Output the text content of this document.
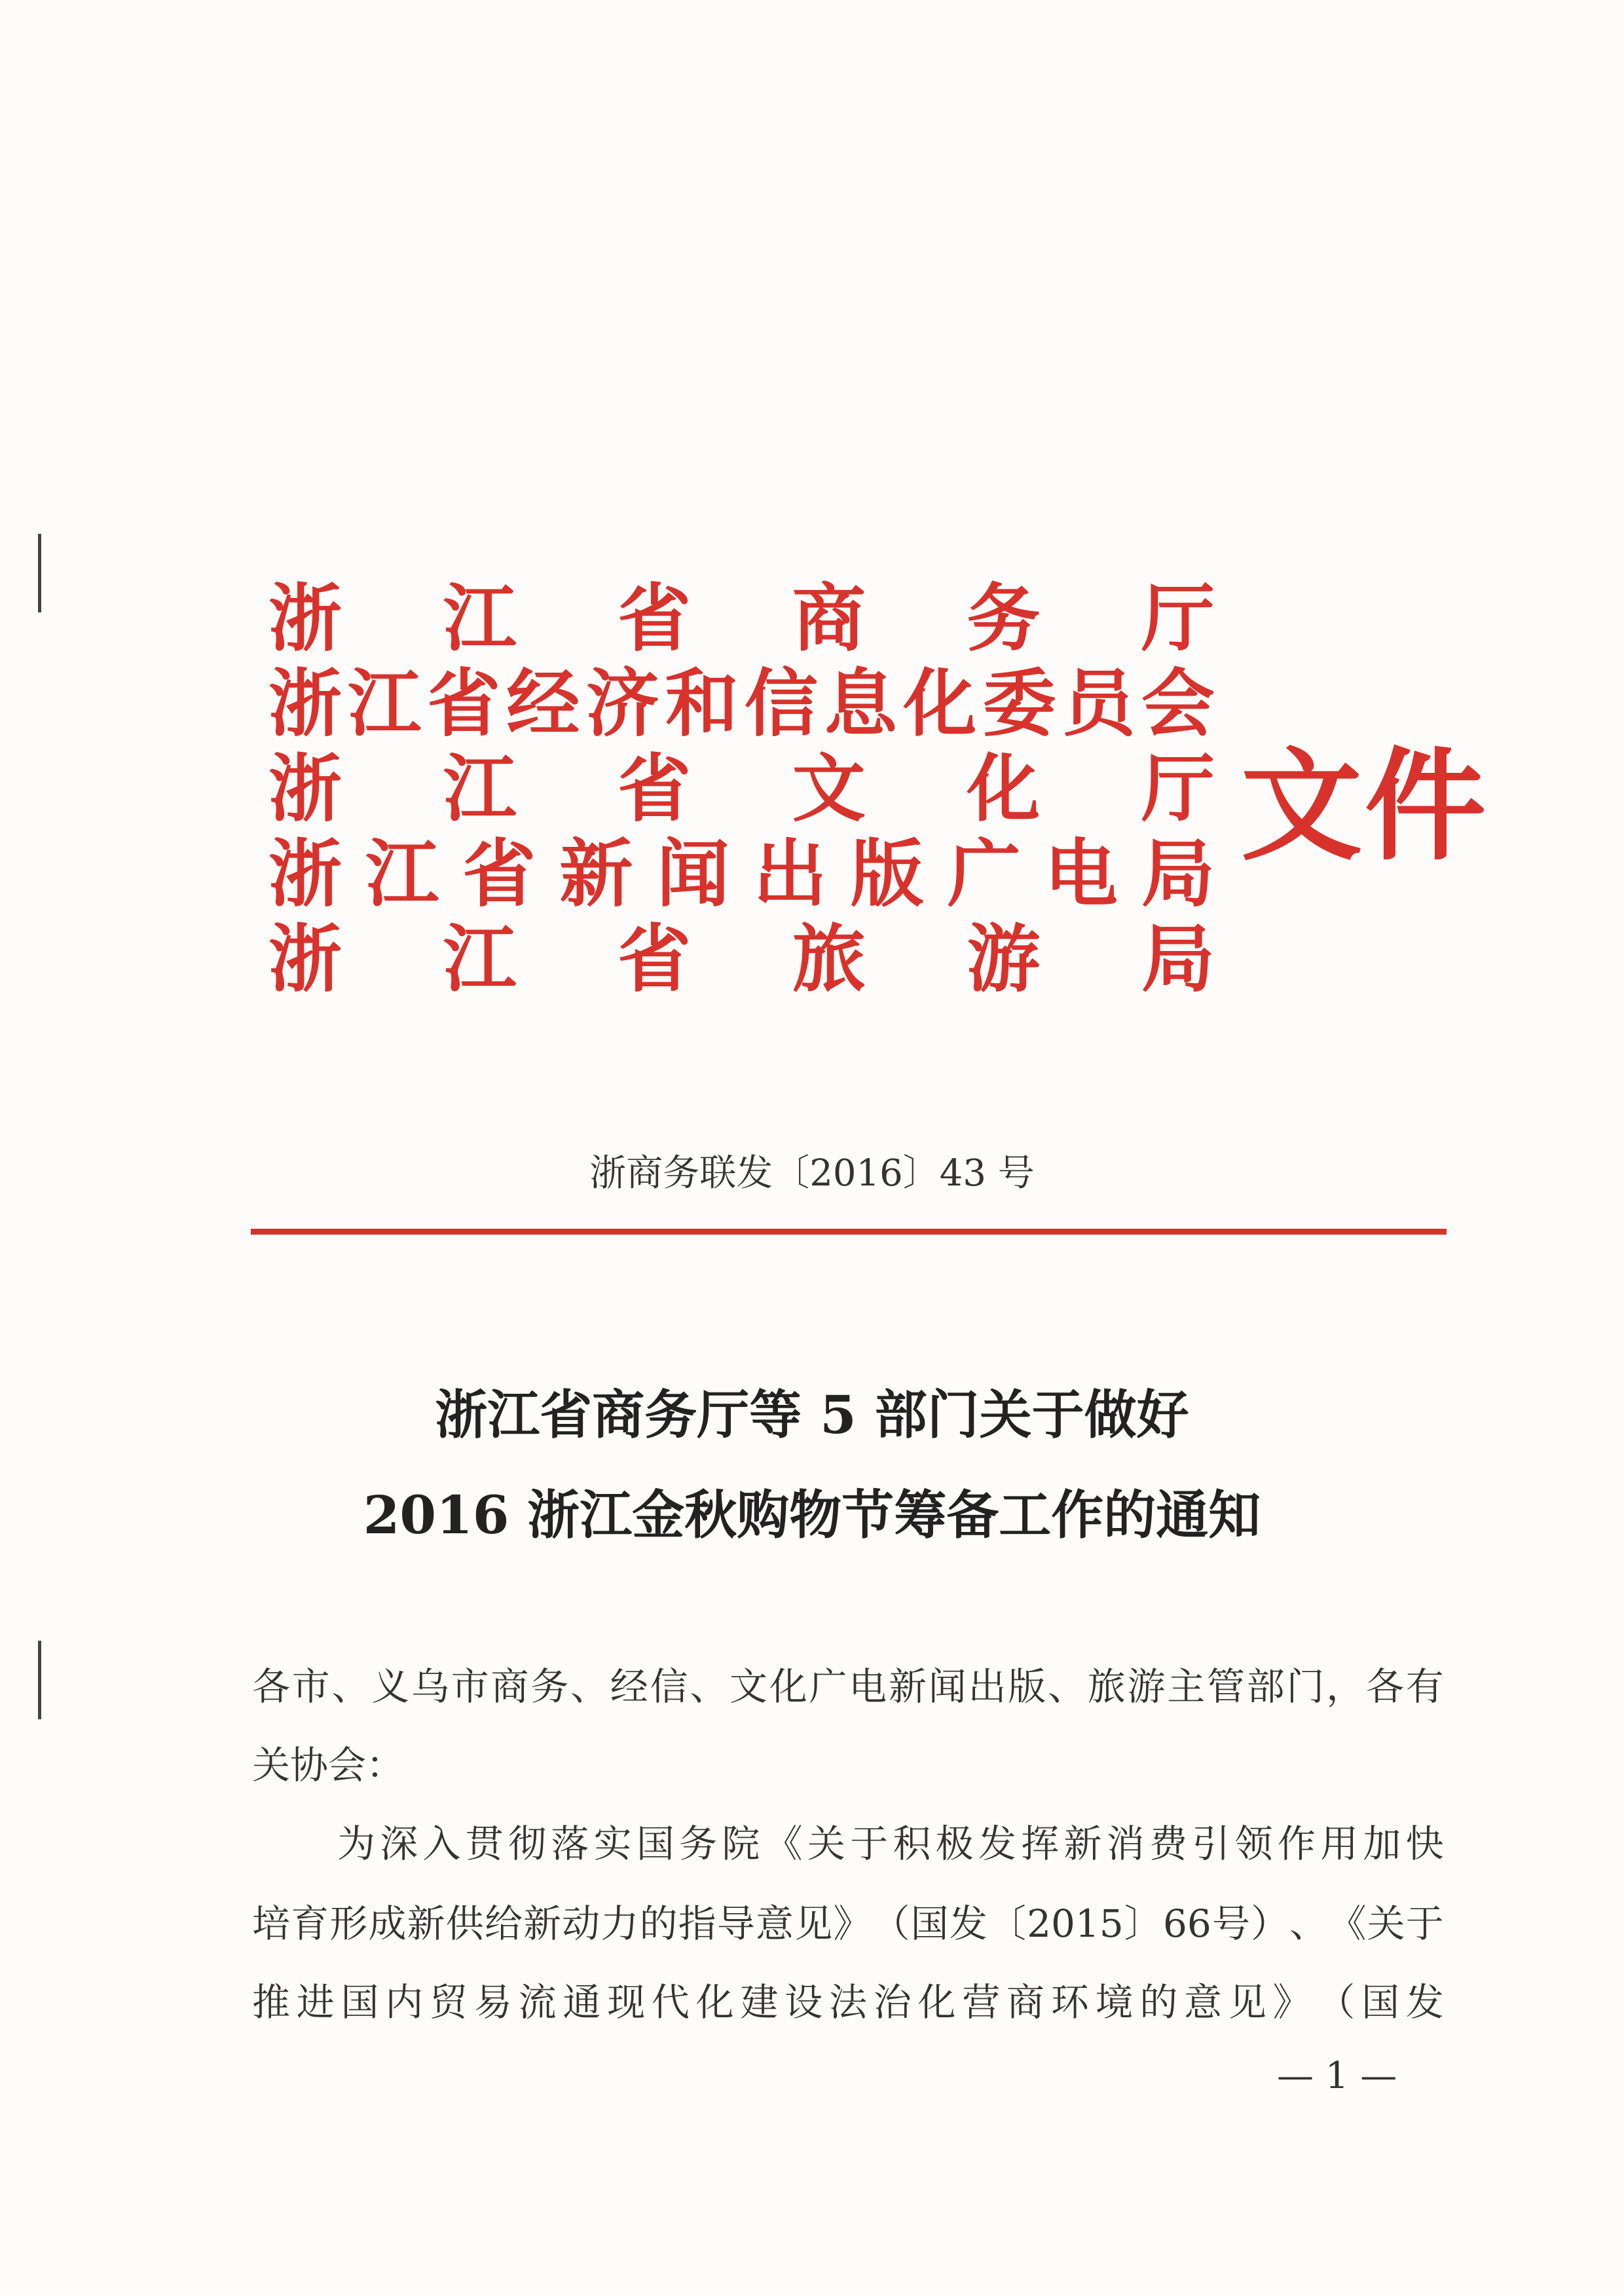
浙 江 省 商 务 厅
浙 江 省 经 济 和 信 息 化 委 员 会
浙 江 省 文 化 厅
浙 江 省 新 闻 出 版 广 电 局
浙 江 省 旅 游 局
文件
浙商务联发〔2016〕43 号
浙江省商务厅等 5 部门关于做好
2016 浙江金秋购物节筹备工作的通知
各 市 、 义 乌 市 商 务 、 经 信 、 文 化 广 电 新 闻 出 版 、 旅 游 主 管 部 门 ， 各 有
关协会：
为 深 入 贯 彻 落 实 国 务 院 《 关 于 积 极 发 挥 新 消 费 引 领 作 用 加 快
培 育 形 成 新 供 给 新 动 力 的 指 导 意 见 》 （ 国 发 〔 2015 〕 66 号 ） 、 《 关 于
推 进 国 内 贸 易 流 通 现 代 化 建 设 法 治 化 营 商 环 境 的 意 见 》 （ 国 发
— 1 —
